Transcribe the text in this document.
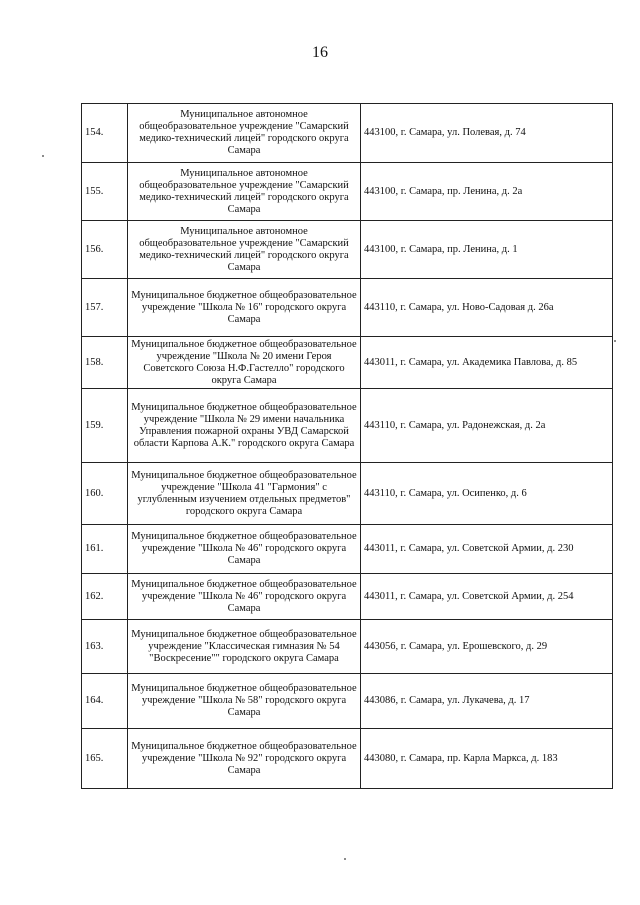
16
154.	Муниципальное автономное общеобразовательное учреждение "Самарский медико-технический лицей" городского округа Самара	443100, г. Самара, ул. Полевая, д. 74
155.	Муниципальное автономное общеобразовательное учреждение "Самарский медико-технический лицей" городского округа Самара	443100, г. Самара, пр. Ленина, д. 2а
156.	Муниципальное автономное общеобразовательное учреждение "Самарский медико-технический лицей" городского округа Самара	443100, г. Самара, пр. Ленина, д. 1
157.	Муниципальное бюджетное общеобразовательное учреждение "Школа № 16" городского округа Самара	443110, г. Самара, ул. Ново-Садовая д. 26а
158.	Муниципальное бюджетное общеобразовательное учреждение "Школа № 20 имени Героя Советского Союза Н.Ф.Гастелло" городского округа Самара	443011, г. Самара, ул. Академика Павлова, д. 85
159.	Муниципальное бюджетное общеобразовательное учреждение "Школа № 29 имени начальника Управления пожарной охраны УВД Самарской области Карпова А.К." городского округа Самара	443110, г. Самара, ул. Радонежская, д. 2а
160.	Муниципальное бюджетное общеобразовательное учреждение "Школа 41 "Гармония" с углубленным изучением отдельных предметов" городского округа Самара	443110, г. Самара, ул. Осипенко, д. 6
161.	Муниципальное бюджетное общеобразовательное учреждение "Школа № 46" городского округа Самара	443011, г. Самара, ул. Советской Армии, д. 230
162.	Муниципальное бюджетное общеобразовательное учреждение "Школа № 46" городского округа Самара	443011, г. Самара, ул. Советской Армии, д. 254
163.	Муниципальное бюджетное общеобразовательное учреждение "Классическая гимназия № 54 "Воскресение"" городского округа Самара	443056, г. Самара, ул. Ерошевского, д. 29
164.	Муниципальное бюджетное общеобразовательное учреждение "Школа № 58" городского округа Самара	443086, г. Самара, ул. Лукачева, д. 17
165.	Муниципальное бюджетное общеобразовательное учреждение "Школа № 92" городского округа Самара	443080, г. Самара, пр. Карла Маркса, д. 183
